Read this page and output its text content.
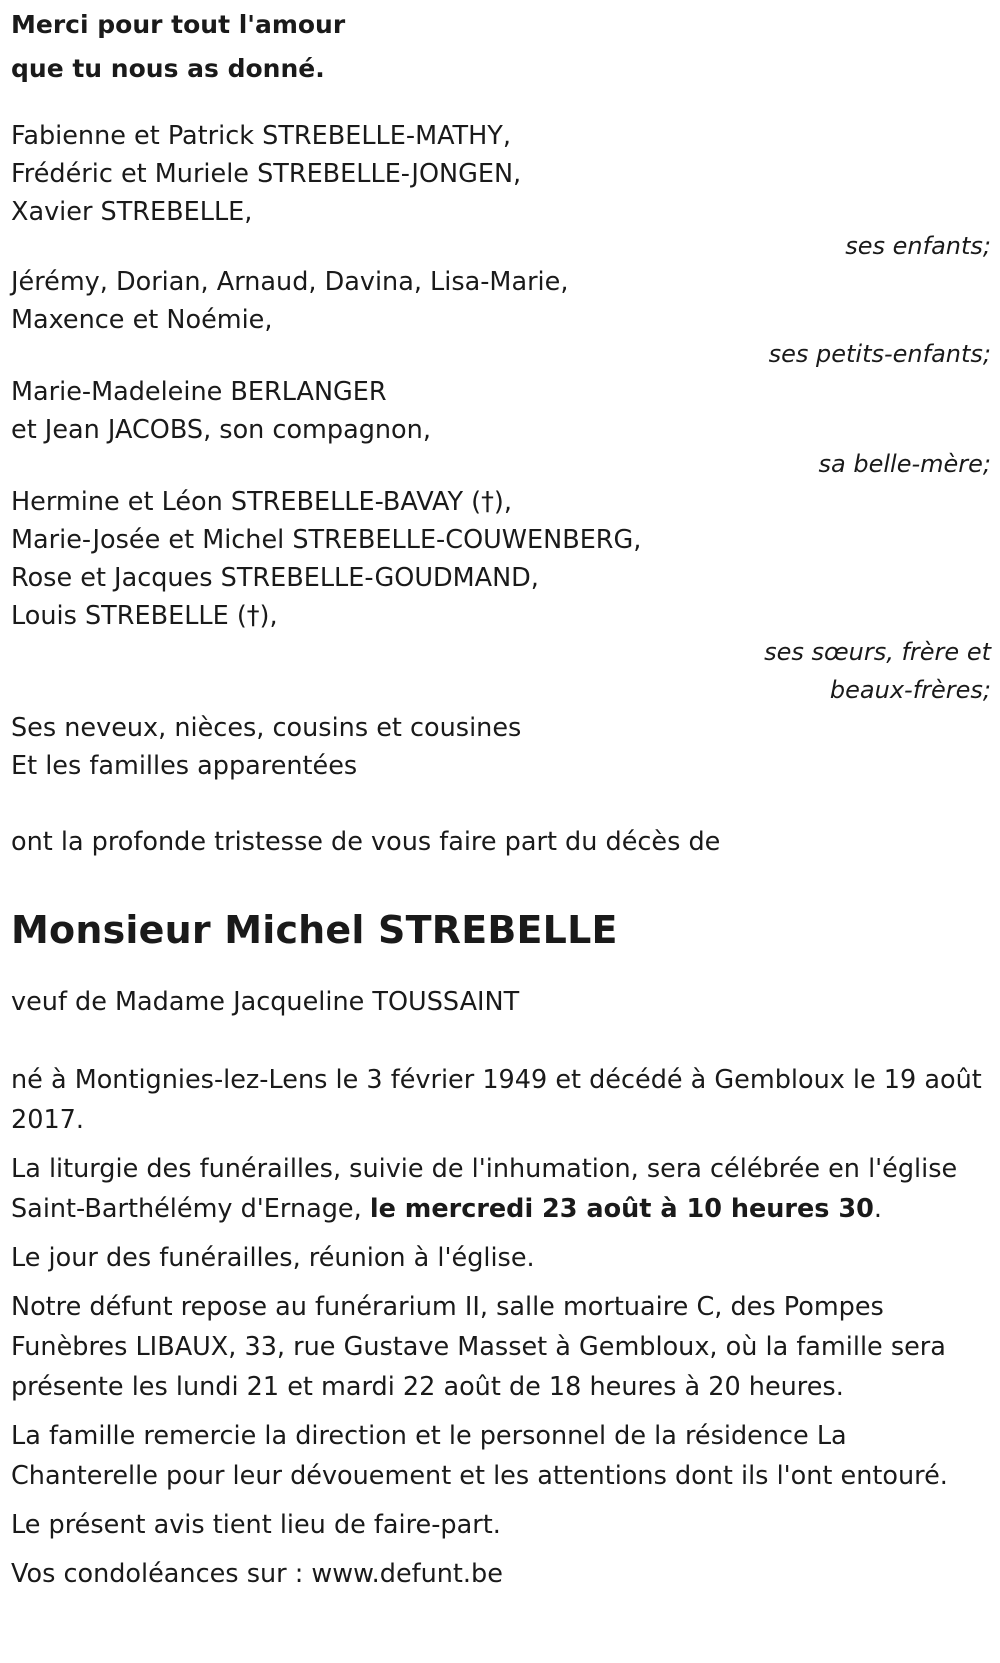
Merci pour tout l'amour

que tu nous as donné.

Fabienne et Patrick STREBELLE-MATHY,

Frédéric et Muriele STREBELLE-JONGEN,

Xavier STREBELLE,

ses enfants;

Jérémy, Dorian, Arnaud, Davina, Lisa-Marie,

Maxence et Noémie,

ses petits-enfants;

Marie-Madeleine BERLANGER

et Jean JACOBS, son compagnon,

sa belle-mère;

Hermine et Léon STREBELLE-BAVAY (†),

Marie-Josée et Michel STREBELLE-COUWENBERG,

Rose et Jacques STREBELLE-GOUDMAND,

Louis STREBELLE (†),

ses sœurs, frère et

beaux-frères;

Ses neveux, nièces, cousins et cousines

Et les familles apparentées

ont la profonde tristesse de vous faire part du décès de

Monsieur Michel STREBELLE

veuf de Madame Jacqueline TOUSSAINT

né à Montignies-lez-Lens le 3 février 1949 et décédé à Gembloux le 19 août 2017.

La liturgie des funérailles, suivie de l'inhumation, sera célébrée en l'église Saint-Barthélémy d'Ernage, le mercredi 23 août à 10 heures 30.

Le jour des funérailles, réunion à l'église.

Notre défunt repose au funérarium II, salle mortuaire C, des Pompes Funèbres LIBAUX, 33, rue Gustave Masset à Gembloux, où la famille sera présente les lundi 21 et mardi 22 août de 18 heures à 20 heures.

La famille remercie la direction et le personnel de la résidence La Chanterelle pour leur dévouement et les attentions dont ils l'ont entouré.

Le présent avis tient lieu de faire-part.

Vos condoléances sur : www.defunt.be
